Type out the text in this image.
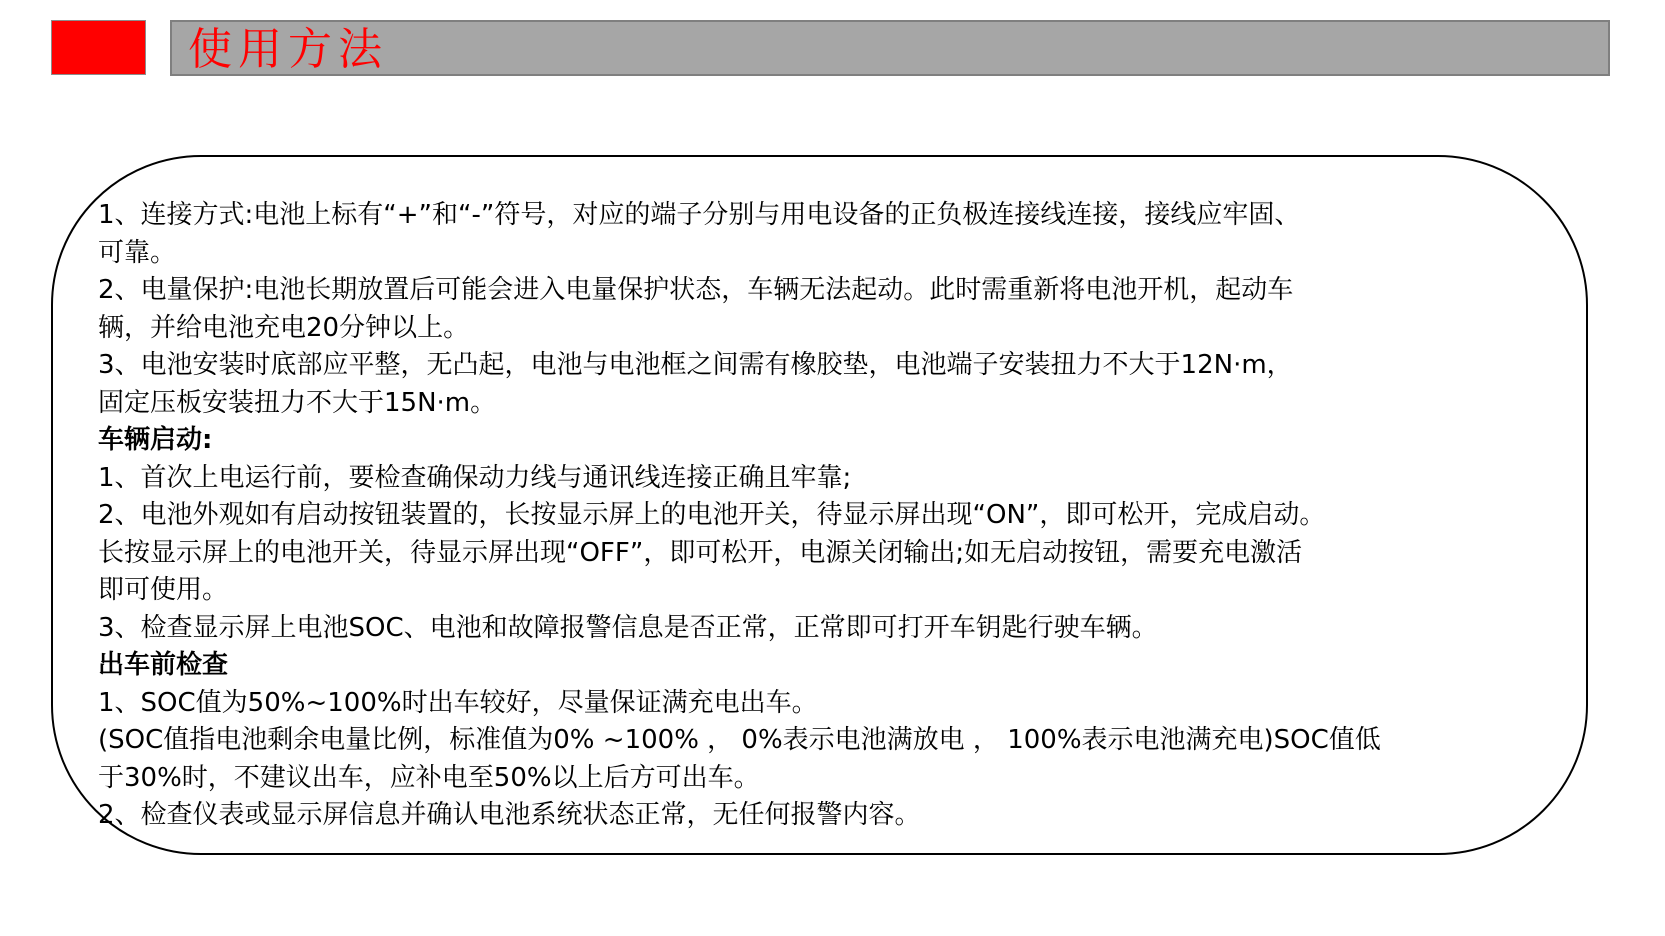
使用方法
1、连接方式:电池上标有“+”和“-”符号，对应的端子分别与用电设备的正负极连接线连接，接线应牢固、
可靠。
2、电量保护:电池长期放置后可能会进入电量保护状态，车辆无法起动。此时需重新将电池开机，起动车
辆，并给电池充电20分钟以上。
3、电池安装时底部应平整，无凸起，电池与电池框之间需有橡胶垫，电池端子安装扭力不大于12N·m，
固定压板安装扭力不大于15N·m。
车辆启动:
1、首次上电运行前，要检查确保动力线与通讯线连接正确且牢靠;
2、电池外观如有启动按钮装置的，长按显示屏上的电池开关，待显示屏出现“ON”，即可松开，完成启动。
长按显示屏上的电池开关，待显示屏出现“OFF”，即可松开，电源关闭输出;如无启动按钮，需要充电激活
即可使用。
3、检查显示屏上电池SOC、电池和故障报警信息是否正常，正常即可打开车钥匙行驶车辆。
出车前检查
1、SOC值为50%~100%时出车较好，尽量保证满充电出车。
(SOC值指电池剩余电量比例，标准值为0% ~100% ， 0%表示电池满放电 ， 100%表示电池满充电)SOC值低
于30%时，不建议出车，应补电至50%以上后方可出车。
2、检查仪表或显示屏信息并确认电池系统状态正常，无任何报警内容。
